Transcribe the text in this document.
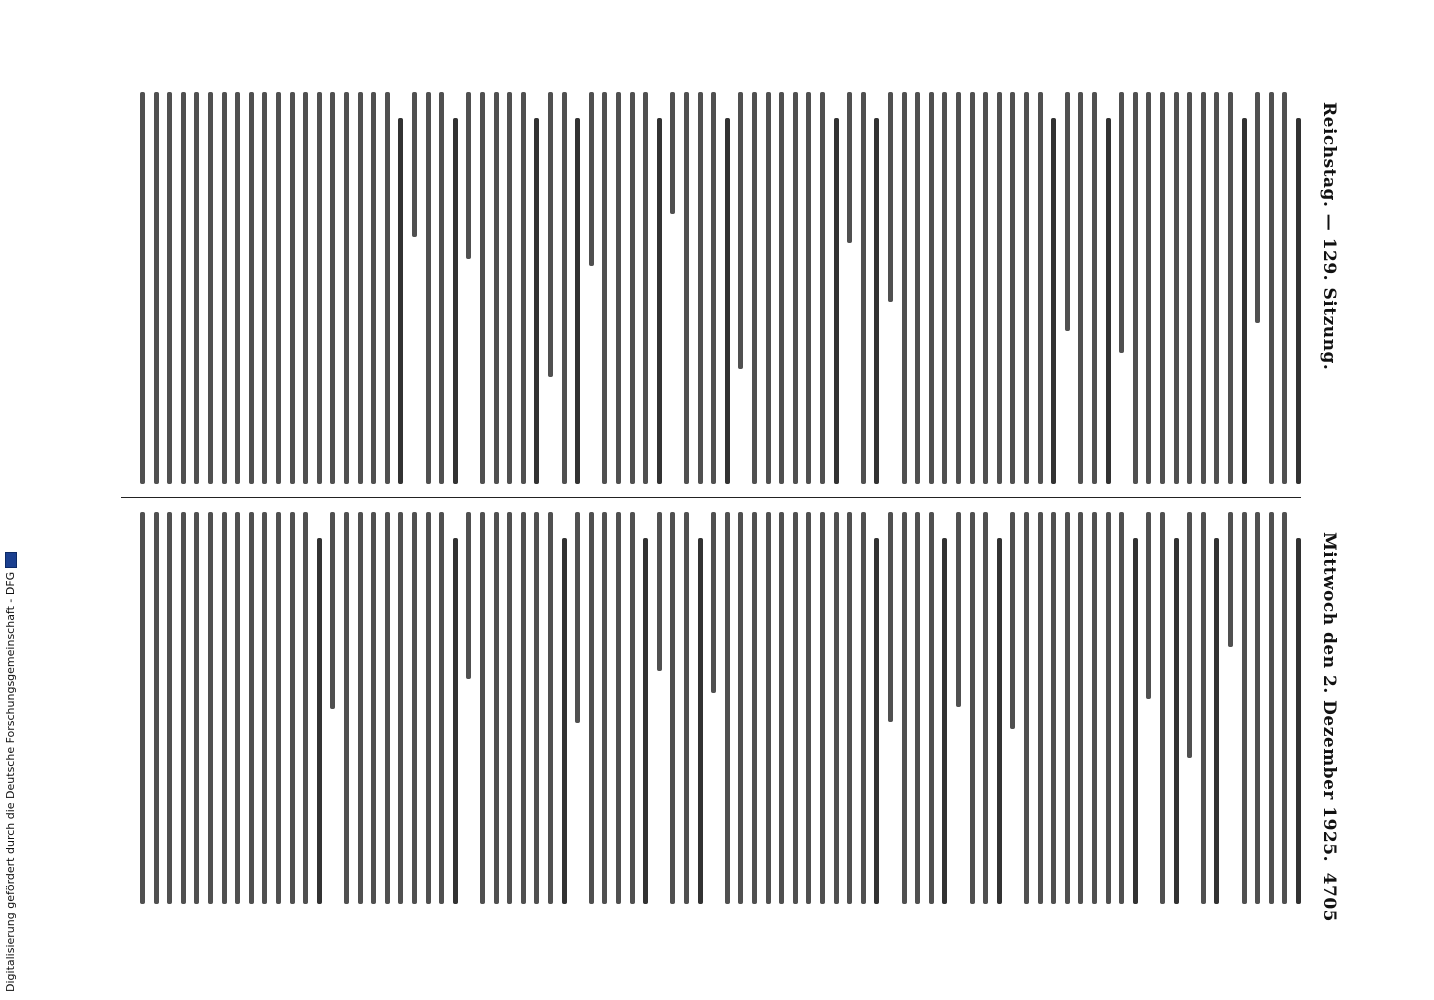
Digitalisierung gefördert durch die Deutsche Forschungsgemeinschaft - DFG
Reichstag. — 129. Sitzung.
Mittwoch den 2. Dezember 1925.
4705
